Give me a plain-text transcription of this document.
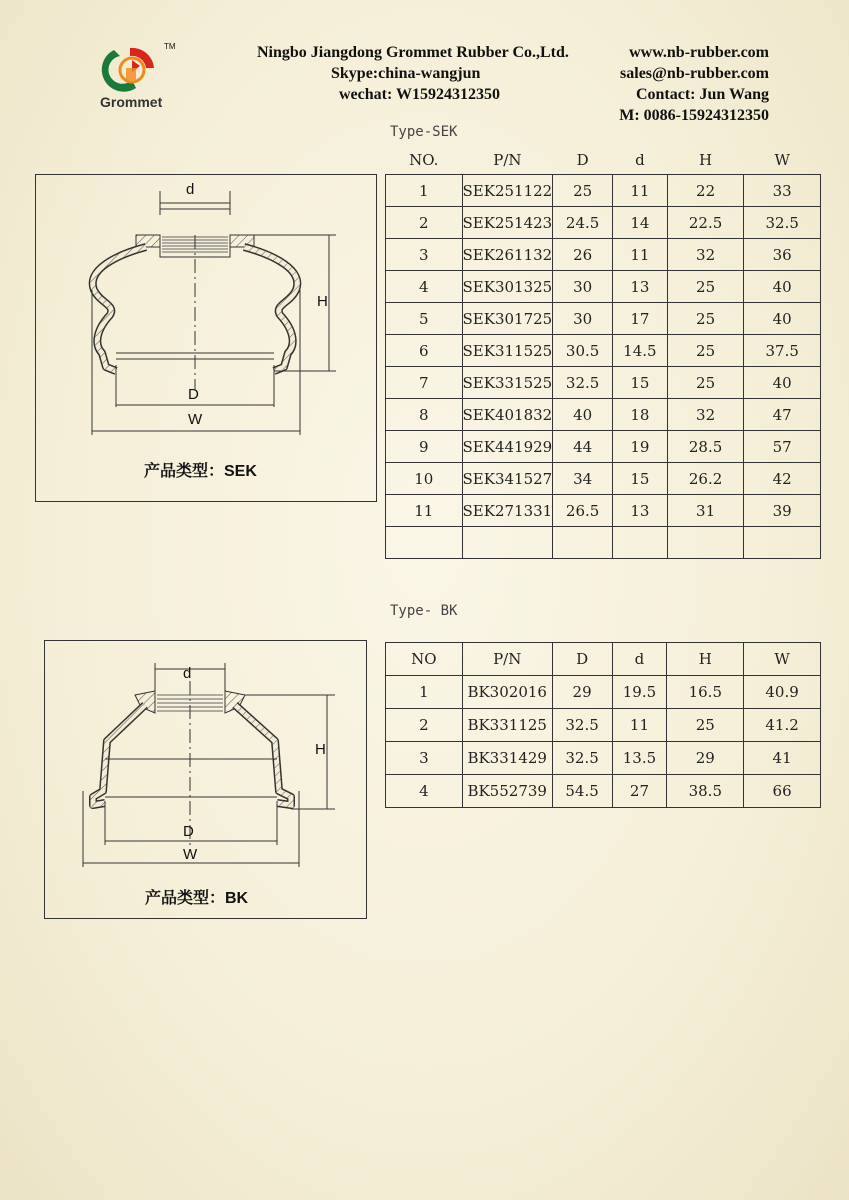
TM
Grommet
Ningbo Jiangdong Grommet Rubber Co.,Ltd.
Skype:china-wangjun
wechat: W15924312350
www.nb-rubber.com
sales@nb-rubber.com
Contact: Jun Wang
M: 0086-15924312350
Type-SEK
d
H
D
W
产品类型：SEK
NO.	P/N	D	d	H	W
1	SEK251122	25	11	22	33
2	SEK251423	24.5	14	22.5	32.5
3	SEK261132	26	11	32	36
4	SEK301325	30	13	25	40
5	SEK301725	30	17	25	40
6	SEK311525	30.5	14.5	25	37.5
7	SEK331525	32.5	15	25	40
8	SEK401832	40	18	32	47
9	SEK441929	44	19	28.5	57
10	SEK341527	34	15	26.2	42
11	SEK271331	26.5	13	31	39

Type- BK
d
H
D
W
产品类型：BK
NO	P/N	D	d	H	W
1	BK302016	29	19.5	16.5	40.9
2	BK331125	32.5	11	25	41.2
3	BK331429	32.5	13.5	29	41
4	BK552739	54.5	27	38.5	66
